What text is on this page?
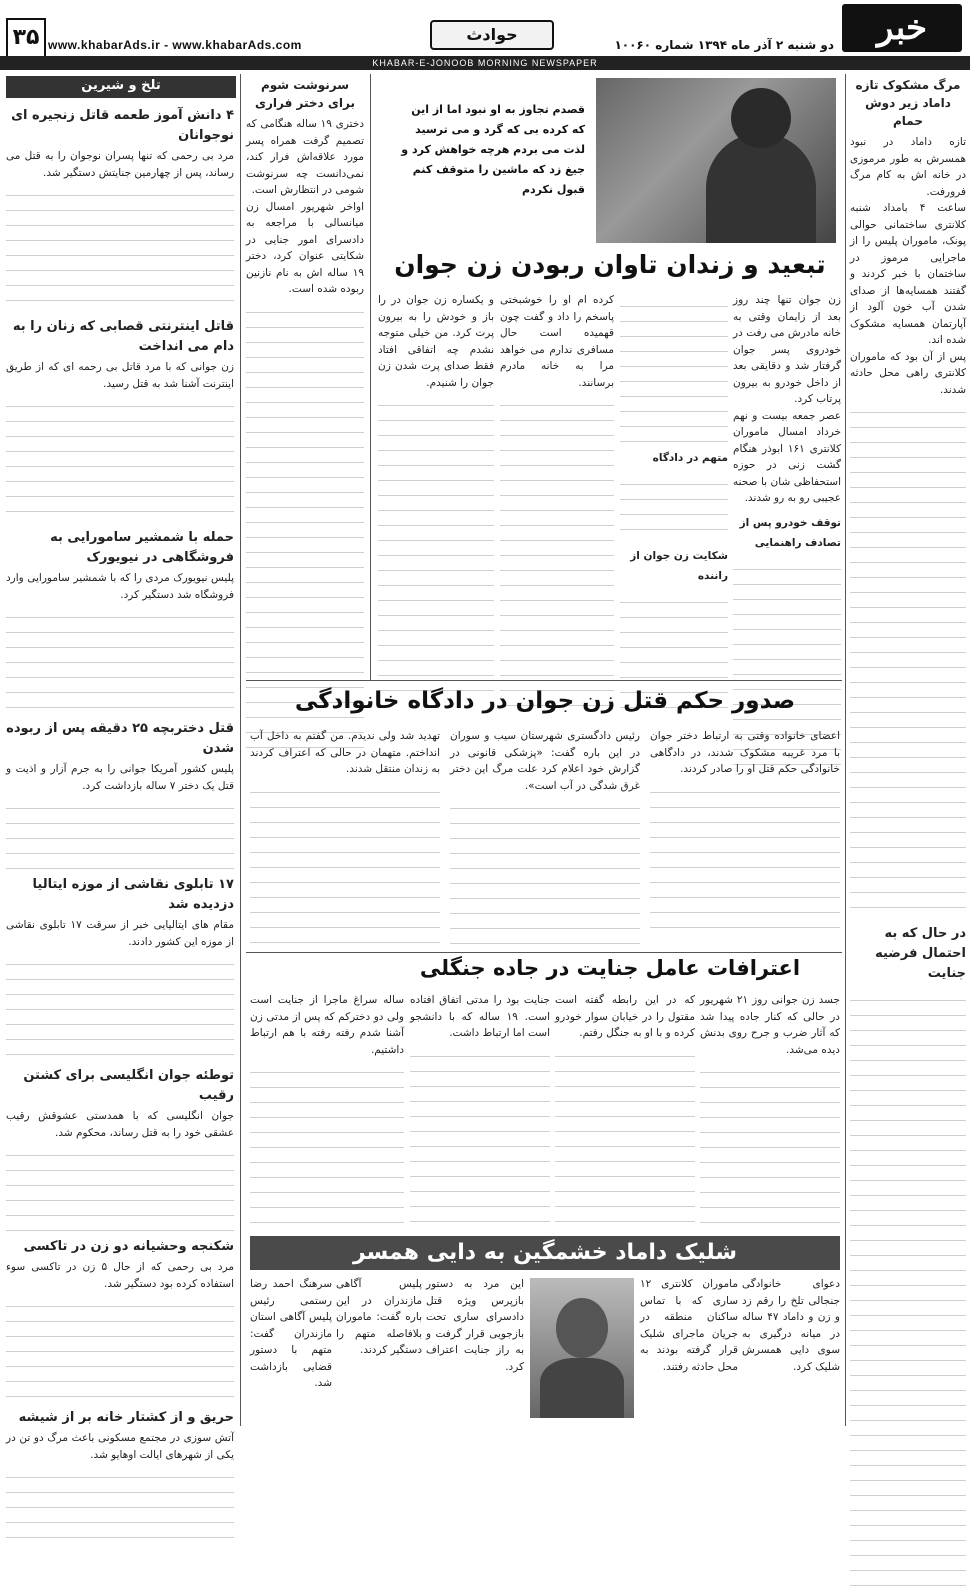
خبر
جنوب
دو شنبه ۲ آذر ماه ۱۳۹۴ شماره ۱۰۰۶۰
حوادث
www.khabarAds.ir - www.khabarAds.com
۳۵
KHABAR-E-JONOOB MORNING NEWSPAPER
مرگ مشکوک تازه داماد زیر دوش حمام
تازه داماد در نبود همسرش به طور مرموزی در خانه اش به کام مرگ فرورفت.
ساعت ۴ بامداد شنبه کلانتری ساختمانی حوالی پونک، ماموران پلیس را از ماجرایی مرموز در ساختمان با خبر کردند و گفتند همسایه‌ها از صدای شدن آب خون آلود از آپارتمان همسایه مشکوک شده اند.
پس از آن بود که ماموران کلانتری راهی محل حادثه شدند.
در حال که به احتمال فرضیه جنایت
قصدم تجاوز به او نبود اما از این که کرده بی که گرد و می ترسید لذت می بردم هرچه خواهش کرد و جیغ زد که ماشین را متوقف کنم قبول نکردم
تبعید و زندان تاوان ربودن زن جوان
زن جوان تنها چند روز بعد از زایمان وقتی به خانه مادرش می رفت در خودروی پسر جوان گرفتار شد و دقایقی بعد از داخل خودرو به بیرون پرتاب کرد.
عصر جمعه بیست و نهم خرداد امسال ماموران کلانتری ۱۶۱ ابوذر هنگام گشت زنی در حوزه استحفاظی شان با صحنه عجیبی رو به رو شدند.
توقف خودرو پس از تصادف راهنمایی
متهم در دادگاه
شکایت زن جوان از راننده
کرده ام او را خوشبختی پاسخم را داد و گفت چون قهمیده است حال مسافری ندارم می خواهد مرا به خانه مادرم برسانند.
و یکساره زن جوان در را باز و خودش را به بیرون پرت کرد. من خیلی متوجه نشدم چه اتفاقی افتاد فقط صدای پرت شدن زن جوان را شنیدم.
سرنوشت شوم برای دختر فراری
دختری ۱۹ ساله هنگامی که تصمیم گرفت همراه پسر مورد علاقه‌اش فرار کند، نمی‌دانست چه سرنوشت شومی در انتظارش است.
اواخر شهریور امسال زن میانسالی با مراجعه به دادسرای امور جنایی در شکایتی عنوان کرد، دختر ۱۹ ساله اش به نام نازنین ربوده شده است.
صدور حکم قتل زن جوان در دادگاه خانوادگی
اعضای خانواده وقتی به ارتباط دختر جوان با مرد غریبه مشکوک شدند، در دادگاهی خانوادگی حکم قتل او را صادر کردند.
رئیس دادگستری شهرستان سیب و سوران در این باره گفت: «پزشکی قانونی در گزارش خود اعلام کرد علت مرگ این دختر غرق شدگی در آب است».
تهدید شد ولی ندیدم. من گفتم به داخل آب انداختم. متهمان در حالی که اعتراف کردند به زندان منتقل شدند.
اعترافات عامل جنایت در جاده جنگلی
جسد زن جوانی روز ۲۱ شهریور در حالی که کنار جاده پیدا شد که آثار ضرب و جرح روی بدنش دیده می‌شد.
که در این رابطه گفته است مقتول را در خیابان سوار خودرو کرده و با او به جنگل رفتم.
جنایت بود را مدتی اتفاق افتاده است. ۱۹ ساله که با دانشجو است اما ارتباط داشت.
ساله سراغ ماجرا از جنایت است ولی دو دخترکم که پس از مدتی زن آشنا شدم رفته رفته با هم ارتباط داشتیم.
شلیک داماد خشمگین به دایی همسر
دعوای خانوادگی جنجالی تلخ را رقم زد و زن و داماد ۴۷ ساله در میانه درگیری به سوی دایی همسرش شلیک کرد.
ماموران کلانتری ۱۲ ساری که با تماس ساکنان منطقه در جریان ماجرای شلیک قرار گرفته بودند به محل حادثه رفتند.
این مرد به دستور بازپرس ویژه قتل دادسرای ساری تحت بازجویی قرار گرفت و به راز جنایت اعتراف کرد.
پلیس آگاهی مازندران در این باره گفت: ماموران بلافاصله متهم را دستگیر کردند.
سرهنگ احمد رضا رستمی رئیس پلیس آگاهی استان مازندران گفت: متهم با دستور قضایی بازداشت شد.
تلخ و شیرین
۴ دانش آموز طعمه قاتل زنجیره ای نوجوانان
مرد بی رحمی که تنها پسران نوجوان را به قتل می رساند، پس از چهارمین جنایتش دستگیر شد.
قاتل اینترنتی قصابی که زنان را به دام می انداخت
زن جوانی که با مرد قاتل بی رحمه ای که از طریق اینترنت آشنا شد به قتل رسید.
حمله با شمشیر سامورایی به فروشگاهی در نیویورک
پلیس نیویورک مردی را که با شمشیر سامورایی وارد فروشگاه شد دستگیر کرد.
قتل دختربچه ۲۵ دقیقه پس از ربوده شدن
پلیس کشور آمریکا جوانی را به جرم آزار و اذیت و قتل یک دختر ۷ ساله بازداشت کرد.
۱۷ تابلوی نقاشی از موزه ایتالیا دزدیده شد
مقام های ایتالیایی خبر از سرقت ۱۷ تابلوی نقاشی از موزه این کشور دادند.
توطئه جوان انگلیسی برای کشتن رقیب
جوان انگلیسی که با همدستی عشوقش رقیب عشقی خود را به قتل رساند، محکوم شد.
شکنجه وحشیانه دو زن در تاکسی
مرد بی رحمی که از حال ۵ زن در تاکسی سوء استفاده کرده بود دستگیر شد.
حریق و از کشتار خانه بر از شیشه
آتش سوزی در مجتمع مسکونی باعث مرگ دو تن در یکی از شهرهای ایالت اوهایو شد.
